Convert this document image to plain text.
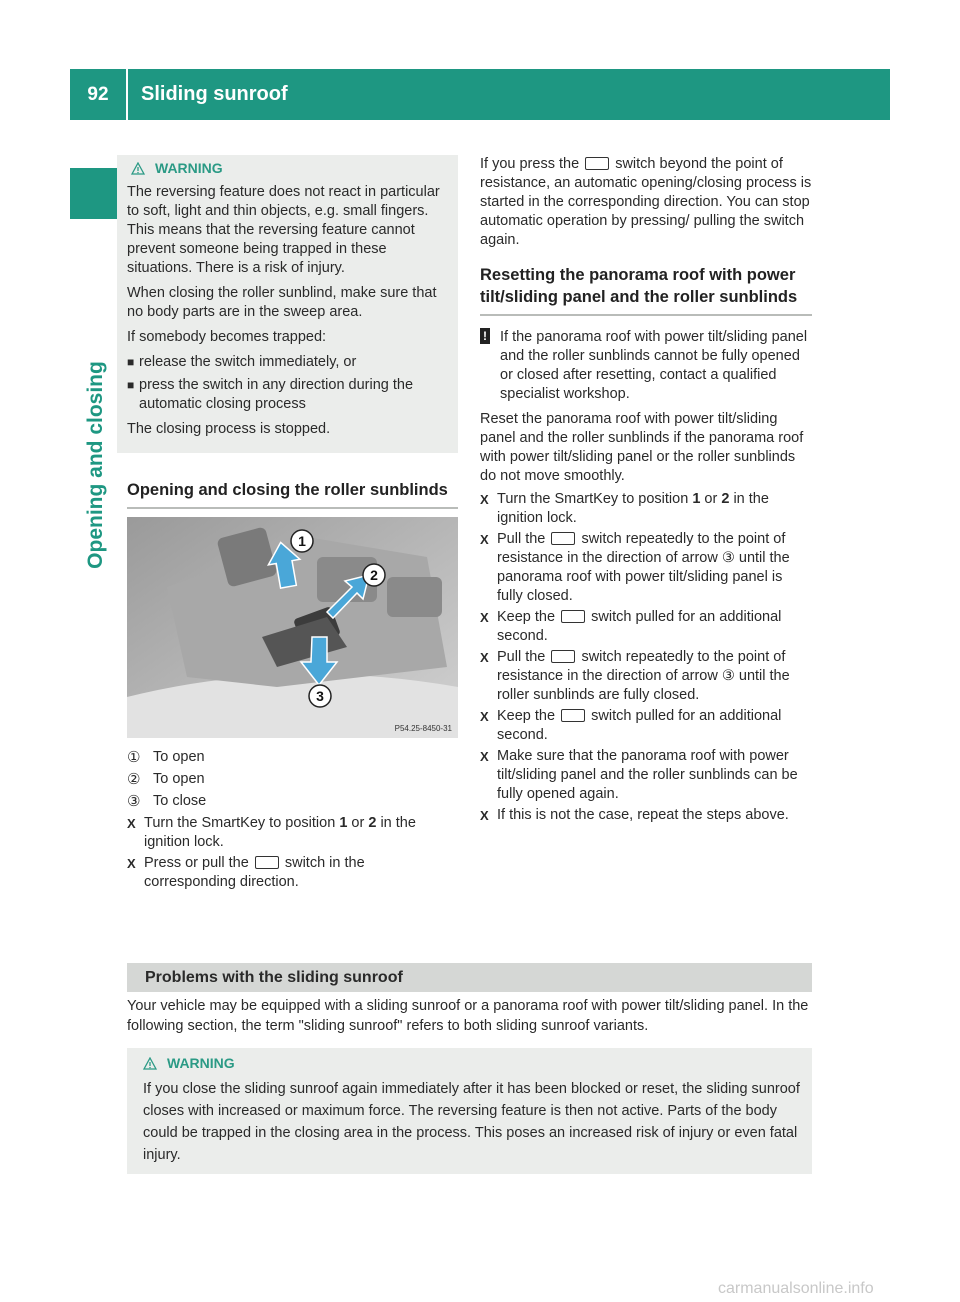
92	Sliding sunroof
Opening and closing
WARNING

The reversing feature does not react in particular to soft, light and thin objects, e.g. small fingers. This means that the reversing feature cannot prevent someone being trapped in these situations. There is a risk of injury.

When closing the roller sunblind, make sure that no body parts are in the sweep area.

If somebody becomes trapped:

■ release the switch immediately, or
■ press the switch in any direction during the automatic closing process

The closing process is stopped.

Opening and closing the roller sunblinds
1
2
3
P54.25-8450-31
① To open
② To open
③ To close
X Turn the SmartKey to position 1 or 2 in the ignition lock.
X Press or pull the switch in the corresponding direction.

If you press the switch beyond the point of resistance, an automatic opening/closing process is started in the corresponding direction. You can stop automatic operation by pressing/ pulling the switch again.

Resetting the panorama roof with power tilt/sliding panel and the roller sunblinds
! If the panorama roof with power tilt/sliding panel and the roller sunblinds cannot be fully opened or closed after resetting, contact a qualified specialist workshop.

Reset the panorama roof with power tilt/sliding panel and the roller sunblinds if the panorama roof with power tilt/sliding panel or the roller sunblinds do not move smoothly.

X Turn the SmartKey to position 1 or 2 in the ignition lock.
X Pull the switch repeatedly to the point of resistance in the direction of arrow ③ until the panorama roof with power tilt/sliding panel is fully closed.
X Keep the switch pulled for an additional second.
X Pull the switch repeatedly to the point of resistance in the direction of arrow ③ until the roller sunblinds are fully closed.
X Keep the switch pulled for an additional second.
X Make sure that the panorama roof with power tilt/sliding panel and the roller sunblinds can be fully opened again.
X If this is not the case, repeat the steps above.
Problems with the sliding sunroof

Your vehicle may be equipped with a sliding sunroof or a panorama roof with power tilt/sliding panel. In the following section, the term "sliding sunroof" refers to both sliding sunroof variants.

WARNING
If you close the sliding sunroof again immediately after it has been blocked or reset, the sliding sunroof closes with increased or maximum force. The reversing feature is then not active. Parts of the body could be trapped in the closing area in the process. This poses an increased risk of injury or even fatal injury.
carmanualsonline.info
